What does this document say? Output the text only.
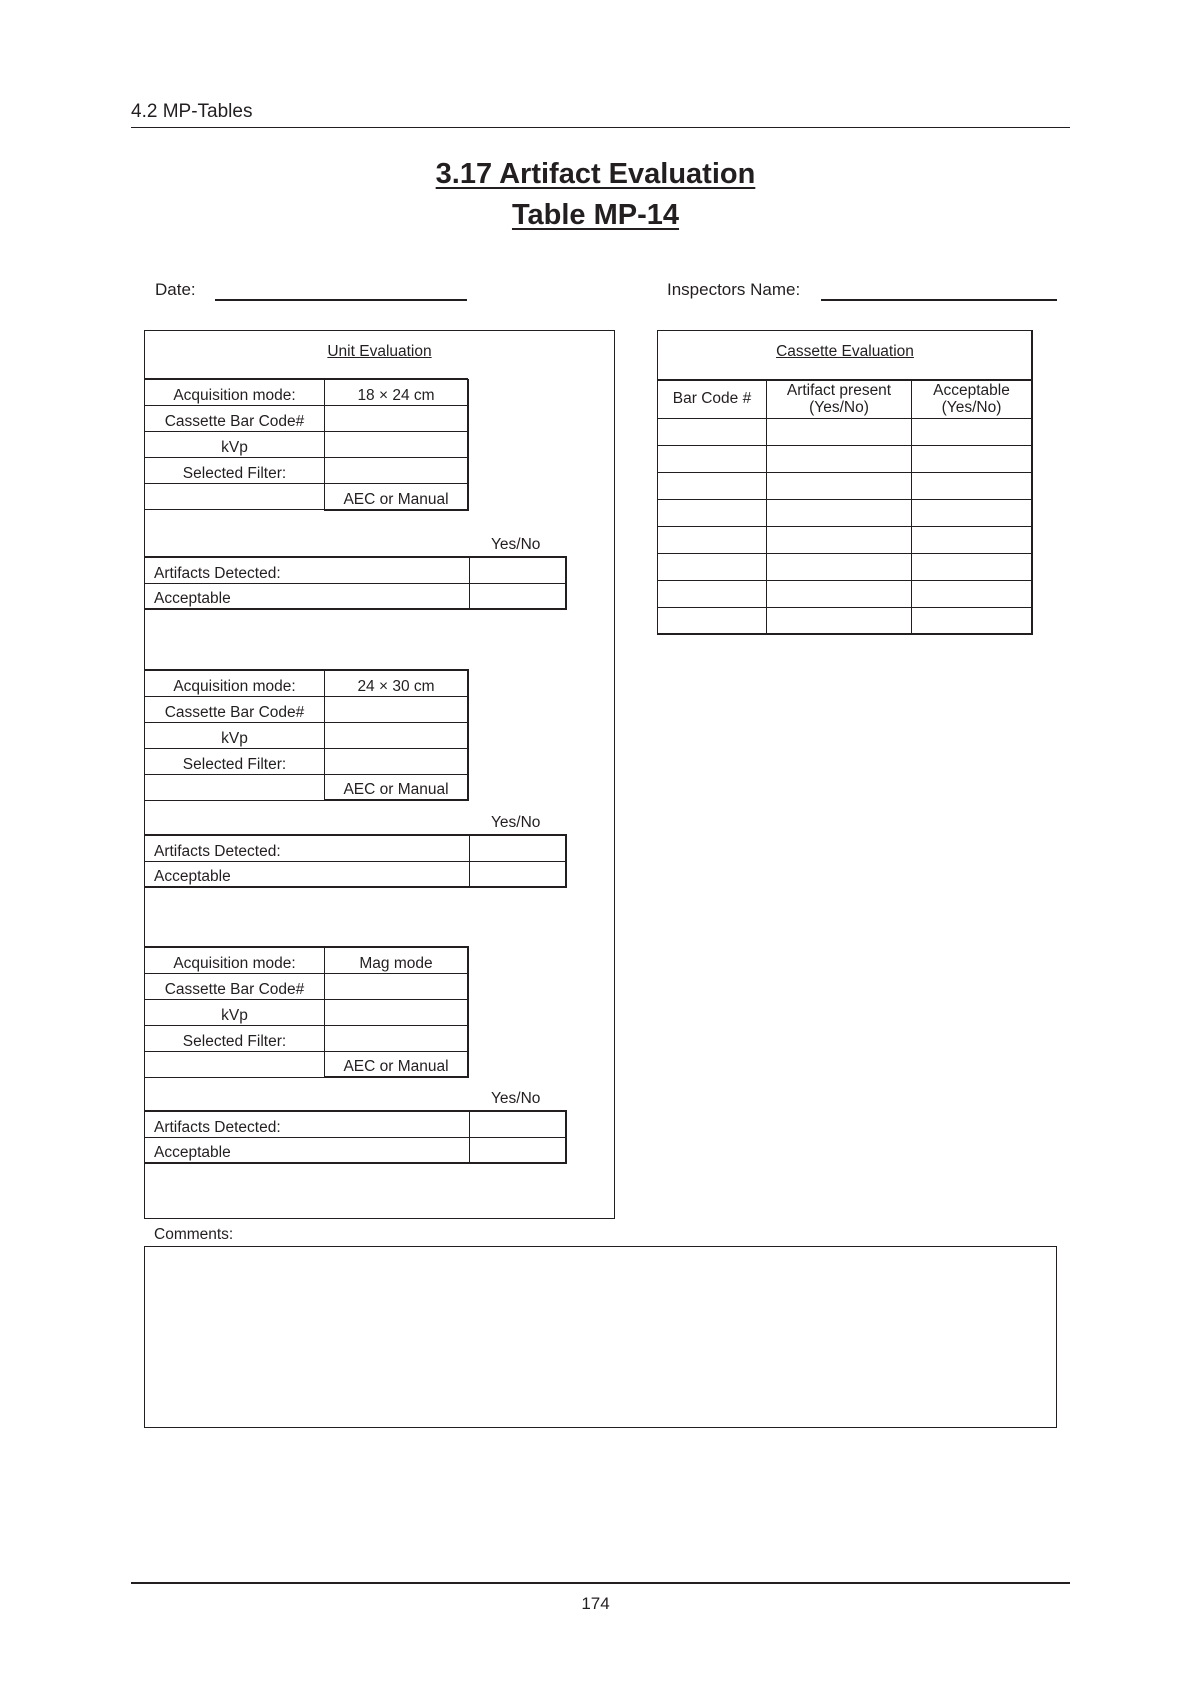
4.2 MP-Tables
3.17 Artifact Evaluation
Table MP-14
Date:	Inspectors Name:
Unit Evaluation
Acquisition mode:	18 × 24 cm
Cassette Bar Code#	
kVp	
Selected Filter:	
	AEC or Manual
Yes/No
Artifacts Detected:	
Acceptable	
Acquisition mode:	24 × 30 cm
Cassette Bar Code#	
kVp	
Selected Filter:	
	AEC or Manual
Yes/No
Artifacts Detected:	
Acceptable	
Acquisition mode:	Mag mode
Cassette Bar Code#	
kVp	
Selected Filter:	
	AEC or Manual
Yes/No
Artifacts Detected:	
Acceptable	
Cassette Evaluation
Bar Code #	Artifact present (Yes/No)	Acceptable (Yes/No)

Comments:
174
